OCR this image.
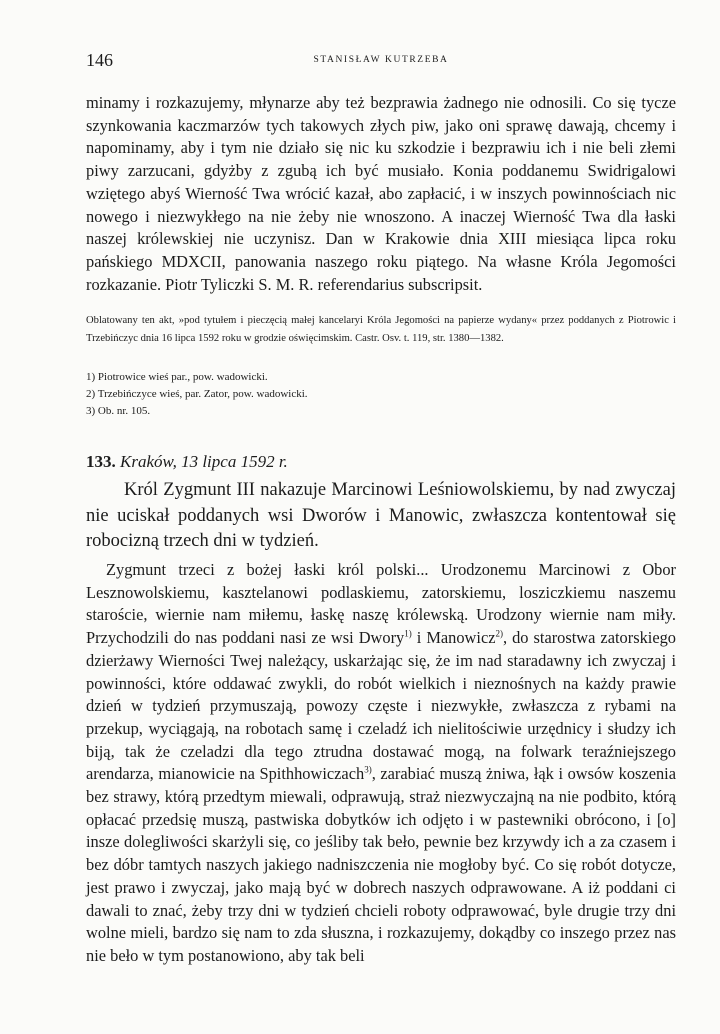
146	STANISŁAW KUTRZEBA

minamy i rozkazujemy, młynarze aby też bezprawia żadnego nie odnosili. Co się tycze szynkowania kaczmarzów tych takowych złych piw, jako oni sprawę dawają, chcemy i napominamy, aby i tym nie działo się nic ku szkodzie i bezprawiu ich i nie beli złemi piwy zarzucani, gdyżby z zgubą ich być musiało. Konia poddanemu Swidrigalowi wziętego abyś Wierność Twa wrócić kazał, abo zapłacić, i w inszych powinnościach nic nowego i niezwykłego na nie żeby nie wnoszono. A inaczej Wierność Twa dla łaski naszej królewskiej nie uczynisz. Dan w Krakowie dnia XIII miesiąca lipca roku pańskiego MDXCII, panowania naszego roku piątego. Na własne Króla Jegomości rozkazanie. Piotr Tyliczki S. M. R. referendarius subscripsit.

Oblatowany ten akt, »pod tytułem i pieczęcią małej kancelaryi Króla Jegomości na papierze wydany« przez poddanych z Piotrowic i Trzebińczyc dnia 16 lipca 1592 roku w grodzie oświęcimskim. Castr. Osv. t. 119, str. 1380—1382.

1) Piotrowice wieś par., pow. wadowicki.
2) Trzebińczyce wieś, par. Zator, pow. wadowicki.
3) Ob. nr. 105.
133. Kraków, 13 lipca 1592 r.

Król Zygmunt III nakazuje Marcinowi Leśniowolskiemu, by nad zwyczaj nie uciskał poddanych wsi Dworów i Manowic, zwłaszcza kontentował się robocizną trzech dni w tydzień.

Zygmunt trzeci z bożej łaski król polski... Urodzonemu Marcinowi z Obor Lesznowolskiemu, kasztelanowi podlaskiemu, zatorskiemu, losziczkiemu naszemu staroście, wiernie nam miłemu, łaskę naszę królewską. Urodzony wiernie nam miły. Przychodzili do nas poddani nasi ze wsi Dwory$^{1)}$ i Manowicz$^{2)}$, do starostwa zatorskiego dzierżawy Wierności Twej należący, uskarżając się, że im nad staradawny ich zwyczaj i powinności, które oddawać zwykli, do robót wielkich i nieznośnych na każdy prawie dzień w tydzień przymuszają, powozy częste i niezwykłe, zwłaszcza z rybami na przekup, wyciągają, na robotach samę i czeladź ich nielitościwie urzędnicy i słudzy ich biją, tak że czeladzi dla tego ztrudna dostawać mogą, na folwark teraźniejszego arendarza, mianowicie na Spithhowiczach$^{3)}$, zarabiać muszą żniwa, łąk i owsów koszenia bez strawy, którą przedtym miewali, odprawują, straż niezwyczajną na nie podbito, którą opłacać przedsię muszą, pastwiska dobytków ich odjęto i w pastewniki obrócono, i [o] insze dolegliwości skarżyli się, co jeśliby tak beło, pewnie bez krzywdy ich a za czasem i bez dóbr tamtych naszych jakiego nadniszczenia nie mogłoby być. Co się robót dotycze, jest prawo i zwyczaj, jako mają być w dobrech naszych odprawowane. A iż poddani ci dawali to znać, żeby trzy dni w tydzień chcieli roboty odprawować, byle drugie trzy dni wolne mieli, bardzo się nam to zda słuszna, i rozkazujemy, dokądby co inszego przez nas nie beło w tym postanowiono, aby tak beli
